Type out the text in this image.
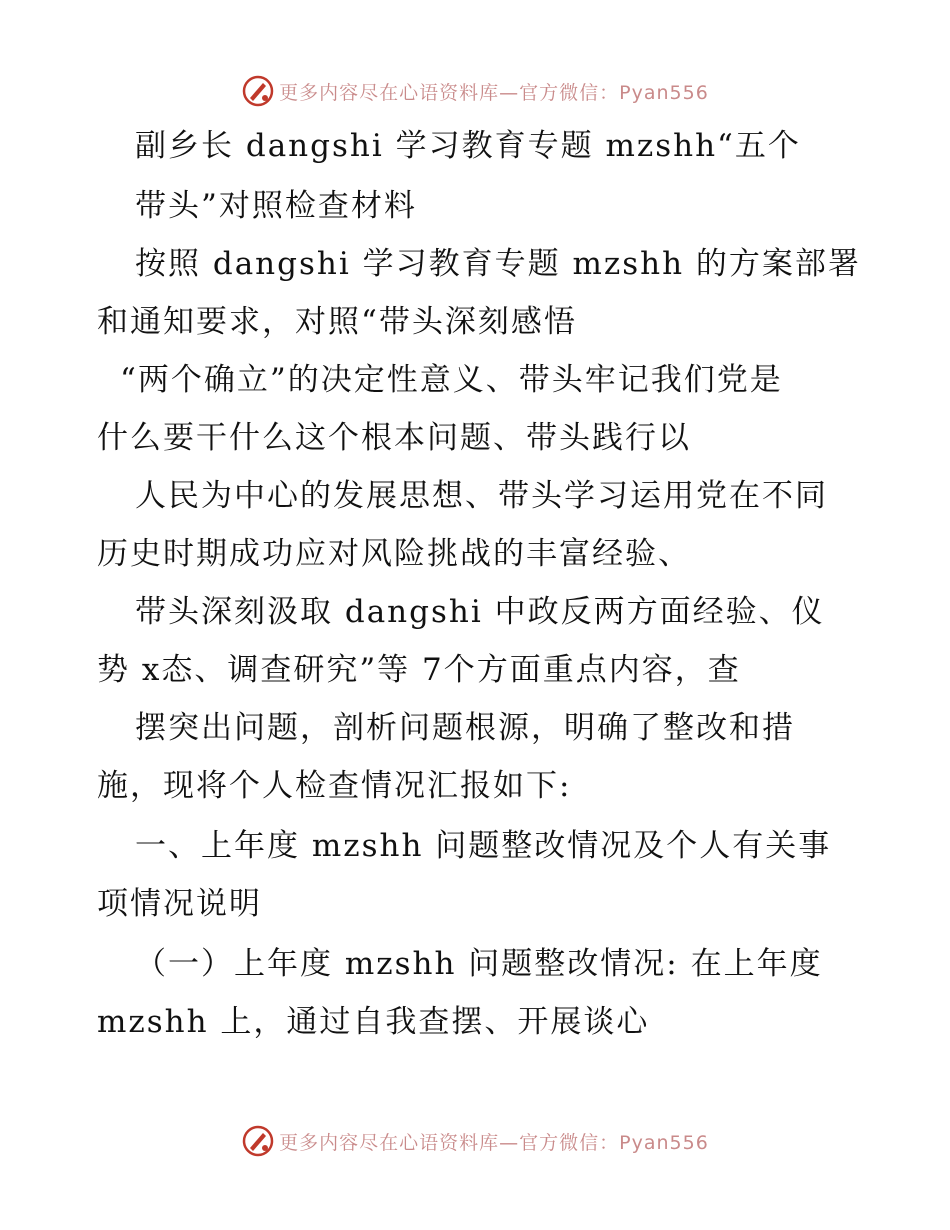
更多内容尽在心语资料库—官方微信：Pyan556
副乡长 dangshi 学习教育专题 mzshh“五个
带头”对照检查材料
按照 dangshi 学习教育专题 mzshh 的方案部署
和通知要求，对照“带头深刻感悟
“两个确立”的决定性意义、带头牢记我们党是
什么要干什么这个根本问题、带头践行以
人民为中心的发展思想、带头学习运用党在不同
历史时期成功应对风险挑战的丰富经验、
带头深刻汲取 dangshi 中政反两方面经验、仪
势 x态、调查研究”等 7个方面重点内容，查
摆突出问题，剖析问题根源，明确了整改和措
施，现将个人检查情况汇报如下:
一、上年度 mzshh 问题整改情况及个人有关事
项情况说明
（一）上年度 mzshh 问题整改情况: 在上年度
mzshh 上，通过自我查摆、开展谈心
更多内容尽在心语资料库—官方微信：Pyan556
